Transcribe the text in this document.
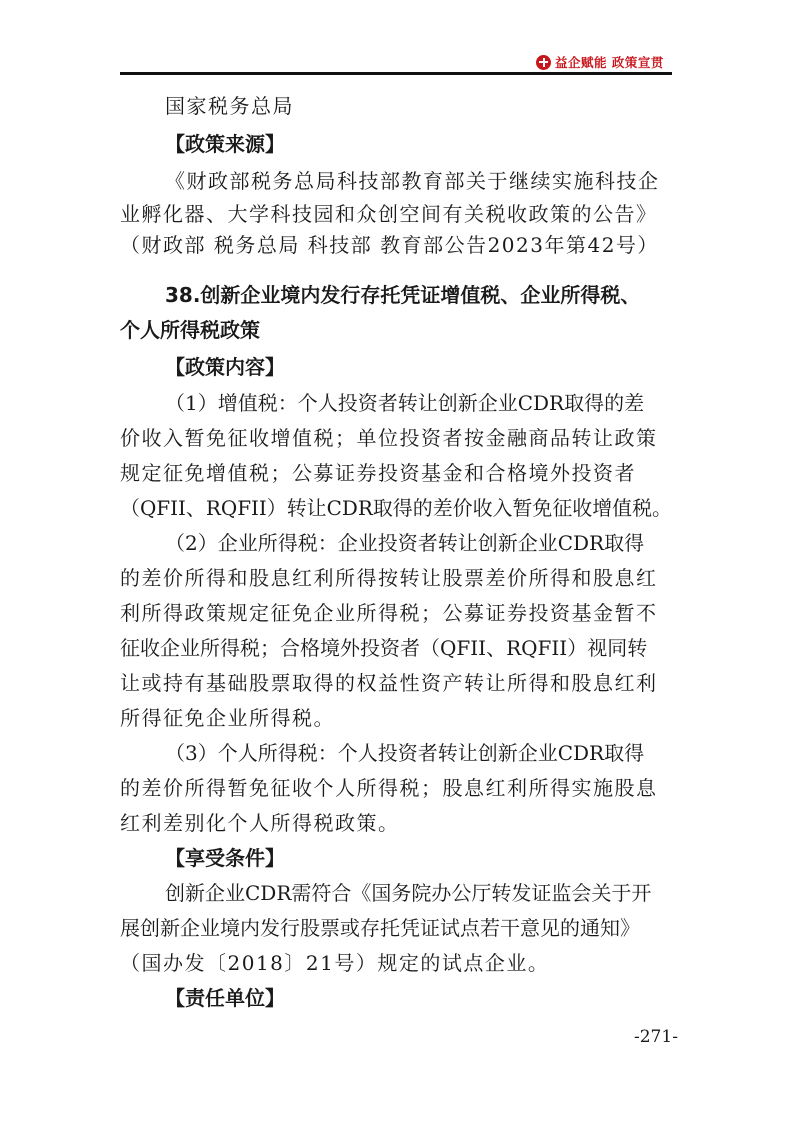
益企赋能 政策宣贯
国家税务总局
【政策来源】
《财政部税务总局科技部教育部关于继续实施科技企
业孵化器、大学科技园和众创空间有关税收政策的公告》
（财政部 税务总局 科技部 教育部公告2023年第42号）
38.创新企业境内发行存托凭证增值税、企业所得税、
个人所得税政策
【政策内容】
（1）增值税：个人投资者转让创新企业CDR取得的差
价收入暂免征收增值税；单位投资者按金融商品转让政策
规定征免增值税；公募证券投资基金和合格境外投资者
（QFII、RQFII）转让CDR取得的差价收入暂免征收增值税。
（2）企业所得税：企业投资者转让创新企业CDR取得
的差价所得和股息红利所得按转让股票差价所得和股息红
利所得政策规定征免企业所得税；公募证券投资基金暂不
征收企业所得税；合格境外投资者（QFII、RQFII）视同转
让或持有基础股票取得的权益性资产转让所得和股息红利
所得征免企业所得税。
（3）个人所得税：个人投资者转让创新企业CDR取得
的差价所得暂免征收个人所得税；股息红利所得实施股息
红利差别化个人所得税政策。
【享受条件】
创新企业CDR需符合《国务院办公厅转发证监会关于开
展创新企业境内发行股票或存托凭证试点若干意见的通知》
（国办发〔2018〕21号）规定的试点企业。
【责任单位】
-271-
